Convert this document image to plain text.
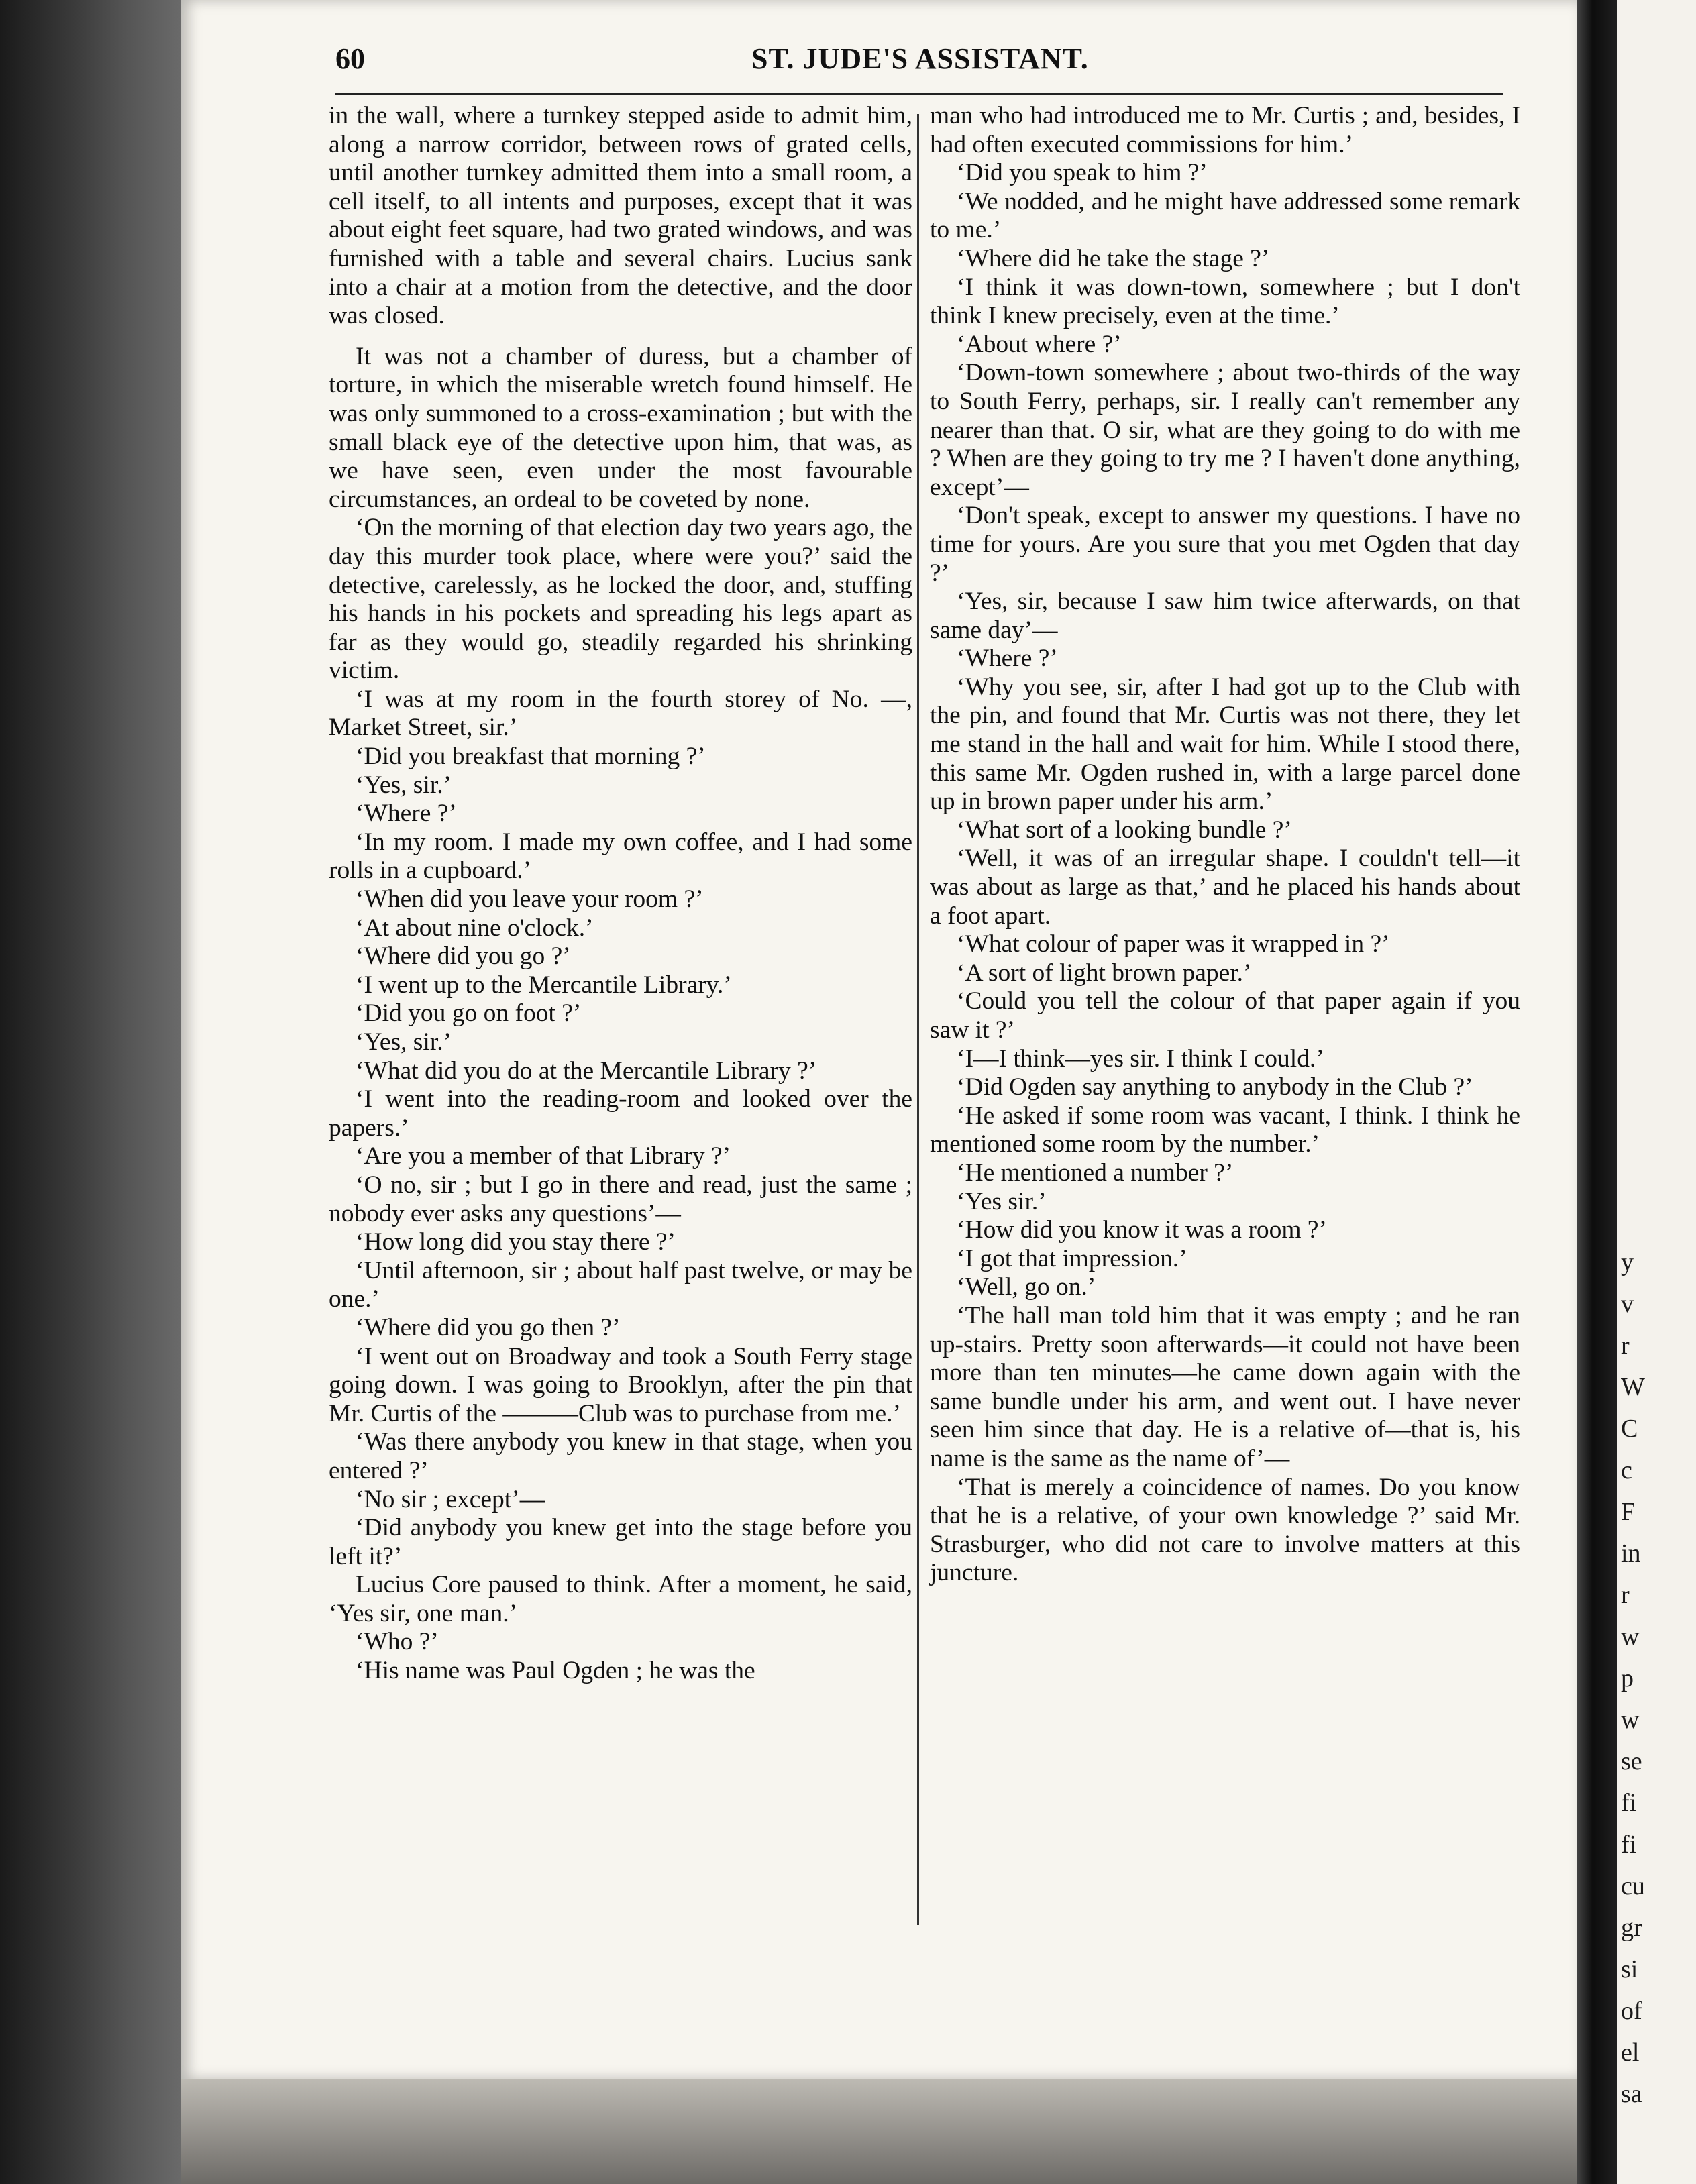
y
v
r
W
C
c
F
in
r
w
p
w
se
fi
fi
cu
gr
si
of
el
sa
60	ST. JUDE'S ASSISTANT.

in the wall, where a turnkey stepped aside to admit him, along a narrow corridor, between rows of grated cells, until another turnkey admitted them into a small room, a cell itself, to all intents and purposes, except that it was about eight feet square, had two grated windows, and was furnished with a table and several chairs. Lucius sank into a chair at a motion from the detective, and the door was closed.

It was not a chamber of duress, but a chamber of torture, in which the miserable wretch found himself. He was only summoned to a cross-examination ; but with the small black eye of the detective upon him, that was, as we have seen, even under the most favourable circumstances, an ordeal to be coveted by none.

‘On the morning of that election day two years ago, the day this murder took place, where were you?’ said the detective, carelessly, as he locked the door, and, stuffing his hands in his pockets and spreading his legs apart as far as they would go, steadily regarded his shrinking victim.

‘I was at my room in the fourth storey of No. —, Market Street, sir.’

‘Did you breakfast that morning ?’

‘Yes, sir.’

‘Where ?’

‘In my room. I made my own coffee, and I had some rolls in a cupboard.’

‘When did you leave your room ?’

‘At about nine o'clock.’

‘Where did you go ?’

‘I went up to the Mercantile Library.’

‘Did you go on foot ?’

‘Yes, sir.’

‘What did you do at the Mercantile Library ?’

‘I went into the reading-room and looked over the papers.’

‘Are you a member of that Library ?’

‘O no, sir ; but I go in there and read, just the same ; nobody ever asks any questions’—

‘How long did you stay there ?’

‘Until afternoon, sir ; about half past twelve, or may be one.’

‘Where did you go then ?’

‘I went out on Broadway and took a South Ferry stage going down. I was going to Brooklyn, after the pin that Mr. Curtis of the ———Club was to purchase from me.’

‘Was there anybody you knew in that stage, when you entered ?’

‘No sir ; except’—

‘Did anybody you knew get into the stage before you left it?’

Lucius Core paused to think. After a moment, he said, ‘Yes sir, one man.’

‘Who ?’

‘His name was Paul Ogden ; he was the

man who had introduced me to Mr. Curtis ; and, besides, I had often executed commissions for him.’

‘Did you speak to him ?’

‘We nodded, and he might have addressed some remark to me.’

‘Where did he take the stage ?’

‘I think it was down-town, somewhere ; but I don't think I knew precisely, even at the time.’

‘About where ?’

‘Down-town somewhere ; about two-thirds of the way to South Ferry, perhaps, sir. I really can't remember any nearer than that. O sir, what are they going to do with me ? When are they going to try me ? I haven't done anything, except’—

‘Don't speak, except to answer my questions. I have no time for yours. Are you sure that you met Ogden that day ?’

‘Yes, sir, because I saw him twice afterwards, on that same day’—

‘Where ?’

‘Why you see, sir, after I had got up to the Club with the pin, and found that Mr. Curtis was not there, they let me stand in the hall and wait for him. While I stood there, this same Mr. Ogden rushed in, with a large parcel done up in brown paper under his arm.’

‘What sort of a looking bundle ?’

‘Well, it was of an irregular shape. I couldn't tell—it was about as large as that,’ and he placed his hands about a foot apart.

‘What colour of paper was it wrapped in ?’

‘A sort of light brown paper.’

‘Could you tell the colour of that paper again if you saw it ?’

‘I—I think—yes sir. I think I could.’

‘Did Ogden say anything to anybody in the Club ?’

‘He asked if some room was vacant, I think. I think he mentioned some room by the number.’

‘He mentioned a number ?’

‘Yes sir.’

‘How did you know it was a room ?’

‘I got that impression.’

‘Well, go on.’

‘The hall man told him that it was empty ; and he ran up-stairs. Pretty soon afterwards—it could not have been more than ten minutes—he came down again with the same bundle under his arm, and went out. I have never seen him since that day. He is a relative of—that is, his name is the same as the name of’—

‘That is merely a coincidence of names. Do you know that he is a relative, of your own knowledge ?’ said Mr. Strasburger, who did not care to involve matters at this juncture.
